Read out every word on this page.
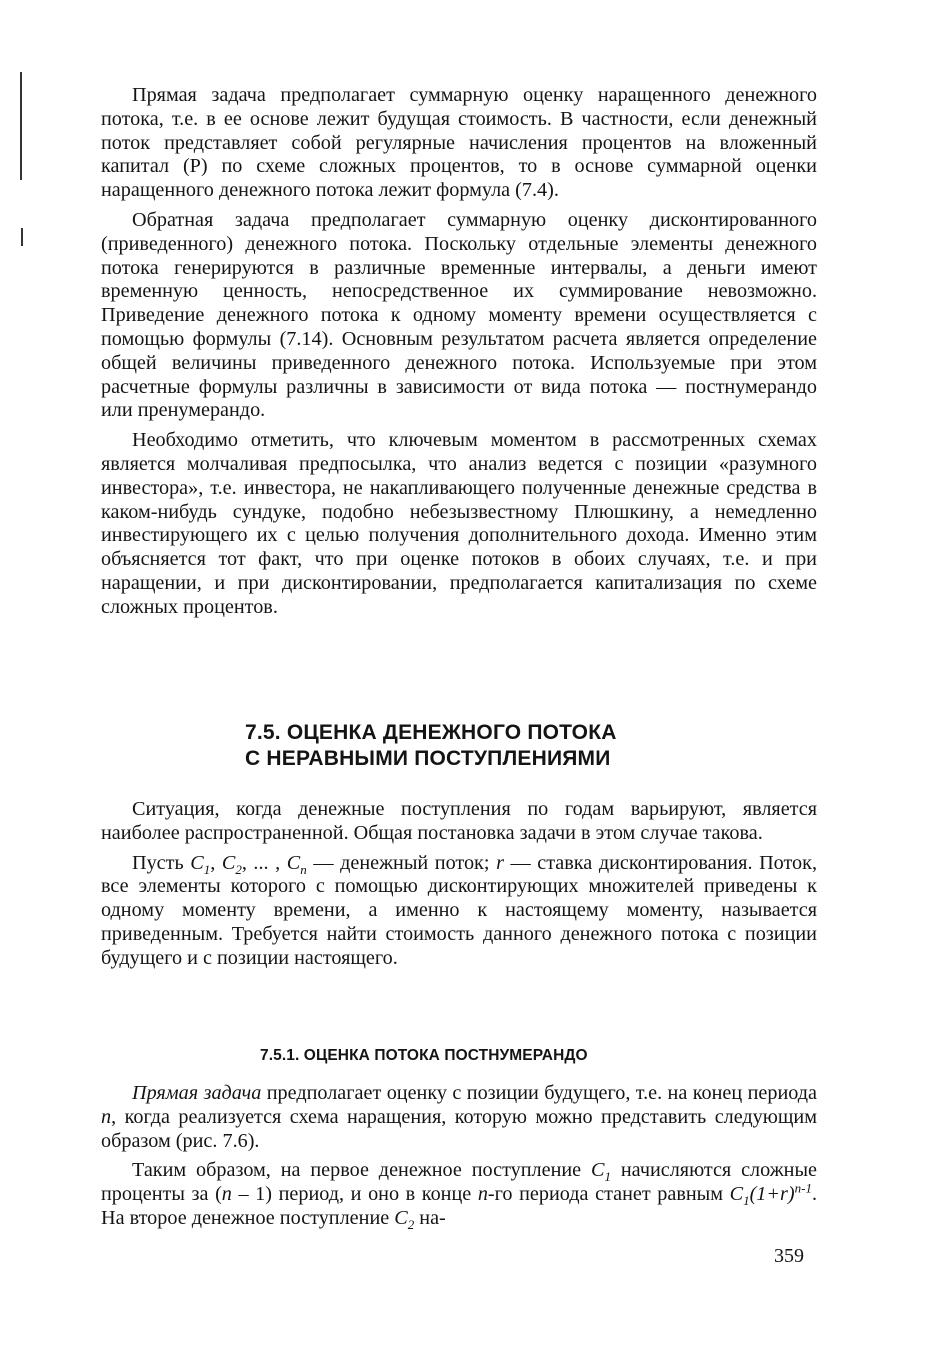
Прямая задача предполагает суммарную оценку наращенного денежного потока, т.е. в ее основе лежит будущая стоимость. В частности, если денежный поток представляет собой регулярные начисления процентов на вложенный капитал (P) по схеме сложных процентов, то в основе суммарной оценки наращенного денежного потока лежит формула (7.4).

Обратная задача предполагает суммарную оценку дисконтированного (приведенного) денежного потока. Поскольку отдельные элементы денежного потока генерируются в различные временные интервалы, а деньги имеют временную ценность, непосредственное их суммирование невозможно. Приведение денежного потока к одному моменту времени осуществляется с помощью формулы (7.14). Основным результатом расчета является определение общей величины приведенного денежного потока. Используемые при этом расчетные формулы различны в зависимости от вида потока — постнумерандо или пренумерандо.

Необходимо отметить, что ключевым моментом в рассмотренных схемах является молчаливая предпосылка, что анализ ведется с позиции «разумного инвестора», т.е. инвестора, не накапливающего полученные денежные средства в каком-нибудь сундуке, подобно небезызвестному Плюшкину, а немедленно инвестирующего их с целью получения дополнительного дохода. Именно этим объясняется тот факт, что при оценке потоков в обоих случаях, т.е. и при наращении, и при дисконтировании, предполагается капитализация по схеме сложных процентов.

7.5. ОЦЕНКА ДЕНЕЖНОГО ПОТОКА
С НЕРАВНЫМИ ПОСТУПЛЕНИЯМИ

Ситуация, когда денежные поступления по годам варьируют, является наиболее распространенной. Общая постановка задачи в этом случае такова.

Пусть $C_1$, $C_2$, ... , $C_n$ — денежный поток; r — ставка дисконтирования. Поток, все элементы которого с помощью дисконтирующих множителей приведены к одному моменту времени, а именно к настоящему моменту, называется приведенным. Требуется найти стоимость данного денежного потока с позиции будущего и с позиции настоящего.

7.5.1. ОЦЕНКА ПОТОКА ПОСТНУМЕРАНДО

Прямая задача предполагает оценку с позиции будущего, т.е. на конец периода n, когда реализуется схема наращения, которую можно представить следующим образом (рис. 7.6).

Таким образом, на первое денежное поступление $C_1$ начисляются сложные проценты за (n – 1) период, и оно в конце n-го периода станет равным $C_1(1+r)^{n-1}$. На второе денежное поступление $C_2$ на-

359
